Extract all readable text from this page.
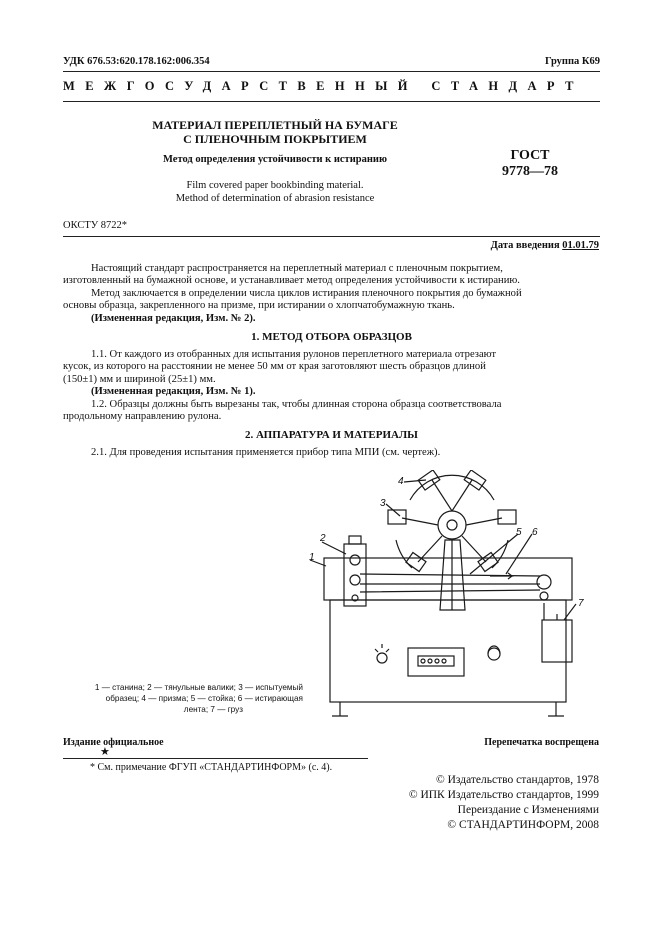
УДК 676.53:620.178.162:006.354	Группа К69
МЕЖГОСУДАРСТВЕННЫЙ СТАНДАРТ
МАТЕРИАЛ ПЕРЕПЛЕТНЫЙ НА БУМАГЕ
С ПЛЕНОЧНЫМ ПОКРЫТИЕМ
Метод определения устойчивости к истиранию
Film covered paper bookbinding material.
Method of determination of abrasion resistance
ГОСТ
9778—78
ОКСТУ 8722*
Дата введения 01.01.79
Настоящий стандарт распространяется на переплетный материал с пленочным покрытием,
изготовленный на бумажной основе, и устанавливает метод определения устойчивости к истиранию.
Метод заключается в определении числа циклов истирания пленочного покрытия до бумажной
основы образца, закрепленного на призме, при истирании о хлопчатобумажную ткань.
(Измененная редакция, Изм. № 2).
1. МЕТОД ОТБОРА ОБРАЗЦОВ
1.1. От каждого из отобранных для испытания рулонов переплетного материала отрезают
кусок, из которого на расстоянии не менее 50 мм от края заготовляют шесть образцов длиной
(150±1) мм и шириной (25±1) мм.
(Измененная редакция, Изм. № 1).
1.2. Образцы должны быть вырезаны так, чтобы длинная сторона образца соответствовала
продольному направлению рулона.
2. АППАРАТУРА И МАТЕРИАЛЫ
2.1. Для проведения испытания применяется прибор типа МПИ (см. чертеж).
1
2
3
4
5 6
7
1 — станина; 2 — тянульные валики; 3 — испытуемый
образец; 4 — призма; 5 — стойка; 6 — истирающая
лента; 7 — груз
Издание официальное
★
Перепечатка воспрещена
* См. примечание ФГУП «СТАНДАРТИНФОРМ» (с. 4).
© Издательство стандартов, 1978
© ИПК Издательство стандартов, 1999
Переиздание с Изменениями
© СТАНДАРТИНФОРМ, 2008
